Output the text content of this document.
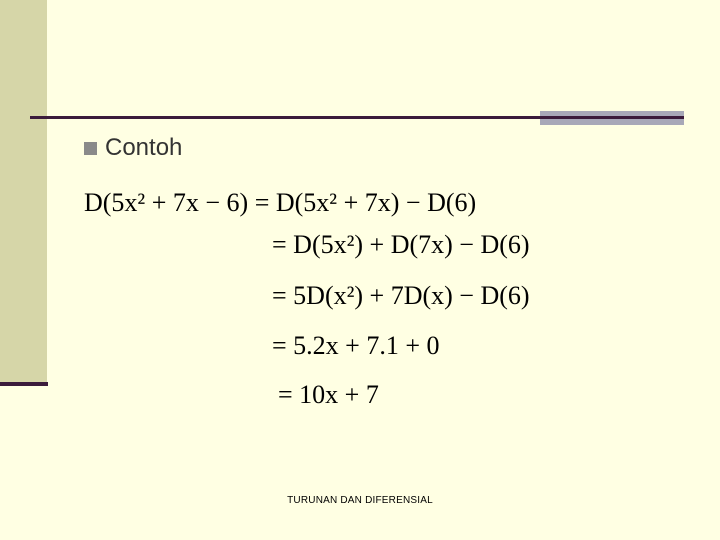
Contoh
D(5x² + 7x − 6) = D(5x² + 7x) − D(6)
= D(5x²) + D(7x) − D(6)
= 5D(x²) + 7D(x) − D(6)
= 5.2x + 7.1 + 0
= 10x + 7
TURUNAN DAN DIFERENSIAL
